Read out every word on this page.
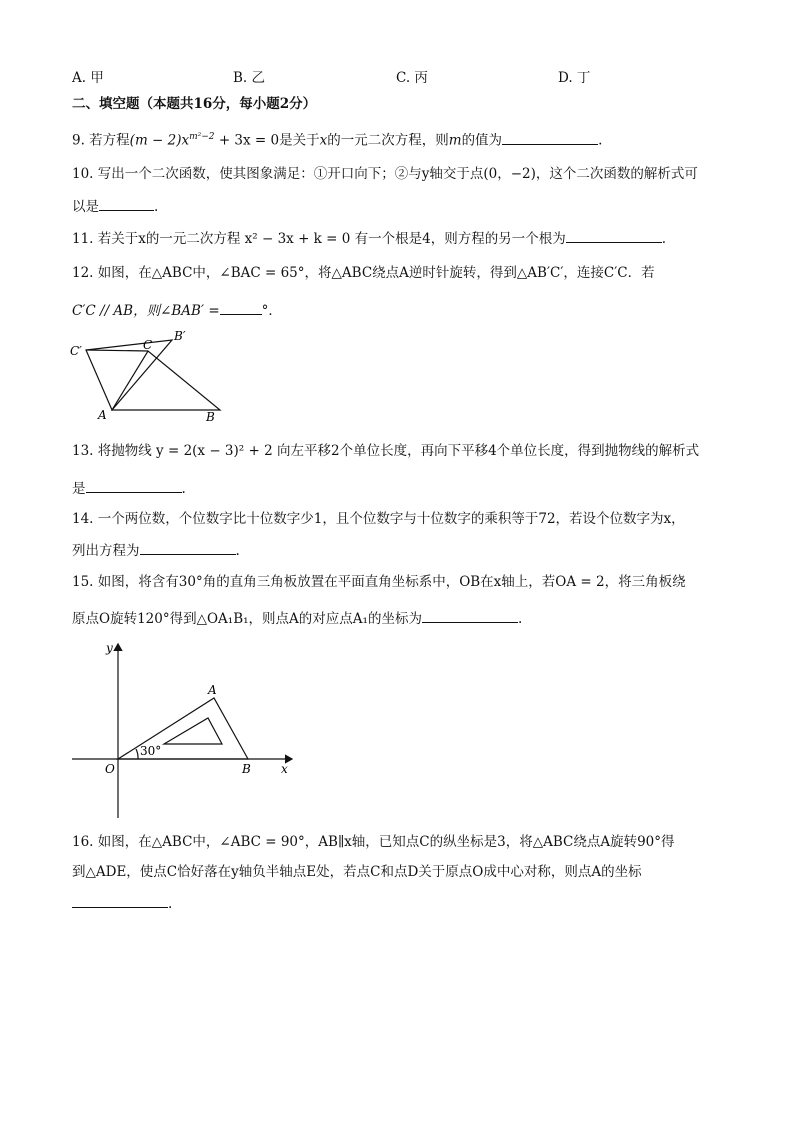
A. 甲	B. 乙	C. 丙	D. 丁
二、填空题（本题共16分，每小题2分）
9. 若方程$(m - 2)x^{m^2-2} + 3x = 0$是关于x的一元二次方程，则m的值为	.
10. 写出一个二次函数，使其图象满足：①开口向下；②与y轴交于点(0，−2)，这个二次函数的解析式可
以是	.
11. 若关于x的一元二次方程 x² − 3x + k = 0 有一个根是4，则方程的另一个根为	.
12. 如图，在△ABC中，∠BAC = 65°，将△ABC绕点A逆时针旋转，得到△AB′C′，连接C′C．若
C′C // AB，则∠BAB′ =	°．
C′	C
B′
A	B
13. 将抛物线 y = 2(x − 3)² + 2 向左平移2个单位长度，再向下平移4个单位长度，得到抛物线的解析式
是	.
14. 一个两位数，个位数字比十位数字少1，且个位数字与十位数字的乘积等于72，若设个位数字为x，
列出方程为	.
15. 如图，将含有30°角的直角三角板放置在平面直角坐标系中，OB在x轴上，若OA = 2，将三角板绕
原点O旋转120°得到△OA₁B₁，则点A的对应点A₁的坐标为	.
y
x
O
A
B
30°
16. 如图，在△ABC中，∠ABC = 90°，AB∥x轴，已知点C的纵坐标是3，将△ABC绕点A旋转90°得
到△ADE，使点C恰好落在y轴负半轴点E处，若点C和点D关于原点O成中心对称，则点A的坐标
.
